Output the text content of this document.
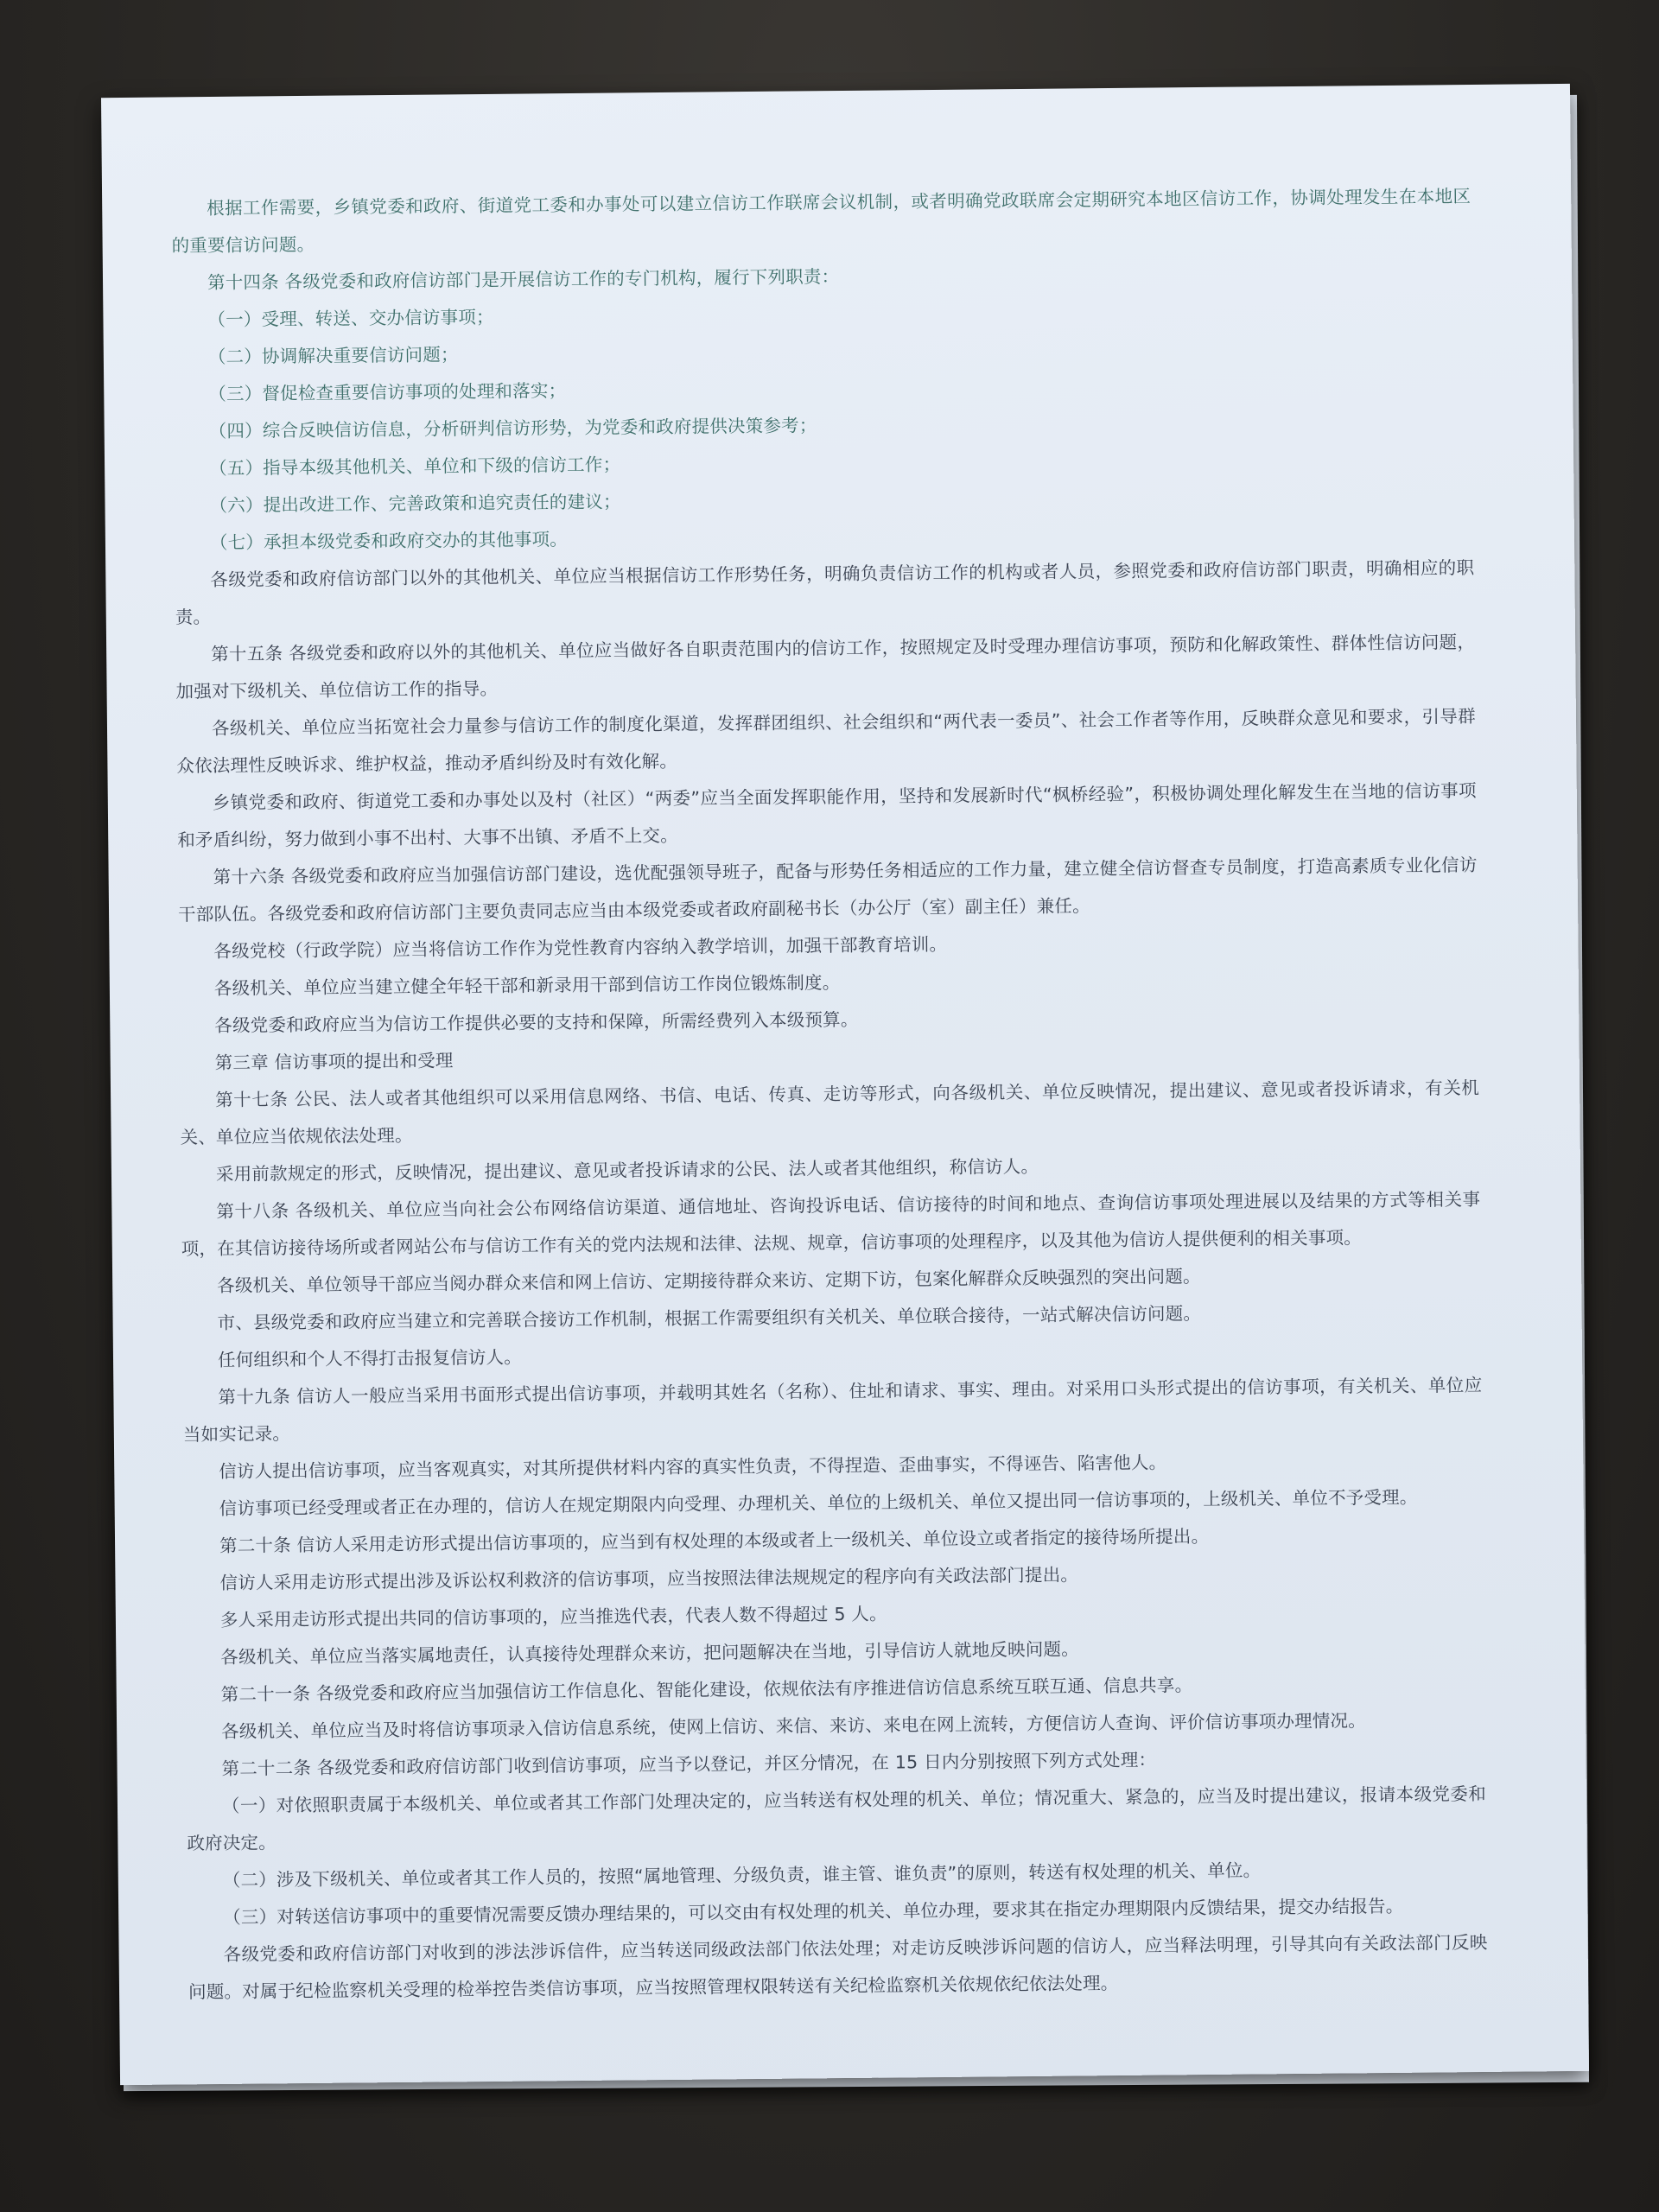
根据工作需要，乡镇党委和政府、街道党工委和办事处可以建立信访工作联席会议机制，或者明确党政联席会定期研究本地区信访工作，协调处理发生在本地区的重要信访问题。

第十四条 各级党委和政府信访部门是开展信访工作的专门机构，履行下列职责：

（一）受理、转送、交办信访事项；

（二）协调解决重要信访问题；

（三）督促检查重要信访事项的处理和落实；

（四）综合反映信访信息，分析研判信访形势，为党委和政府提供决策参考；

（五）指导本级其他机关、单位和下级的信访工作；

（六）提出改进工作、完善政策和追究责任的建议；

（七）承担本级党委和政府交办的其他事项。

各级党委和政府信访部门以外的其他机关、单位应当根据信访工作形势任务，明确负责信访工作的机构或者人员，参照党委和政府信访部门职责，明确相应的职责。

第十五条 各级党委和政府以外的其他机关、单位应当做好各自职责范围内的信访工作，按照规定及时受理办理信访事项，预防和化解政策性、群体性信访问题，加强对下级机关、单位信访工作的指导。

各级机关、单位应当拓宽社会力量参与信访工作的制度化渠道，发挥群团组织、社会组织和“两代表一委员”、社会工作者等作用，反映群众意见和要求，引导群众依法理性反映诉求、维护权益，推动矛盾纠纷及时有效化解。

乡镇党委和政府、街道党工委和办事处以及村（社区）“两委”应当全面发挥职能作用，坚持和发展新时代“枫桥经验”，积极协调处理化解发生在当地的信访事项和矛盾纠纷，努力做到小事不出村、大事不出镇、矛盾不上交。

第十六条 各级党委和政府应当加强信访部门建设，选优配强领导班子，配备与形势任务相适应的工作力量，建立健全信访督查专员制度，打造高素质专业化信访干部队伍。各级党委和政府信访部门主要负责同志应当由本级党委或者政府副秘书长（办公厅（室）副主任）兼任。

各级党校（行政学院）应当将信访工作作为党性教育内容纳入教学培训，加强干部教育培训。

各级机关、单位应当建立健全年轻干部和新录用干部到信访工作岗位锻炼制度。

各级党委和政府应当为信访工作提供必要的支持和保障，所需经费列入本级预算。

第三章 信访事项的提出和受理

第十七条 公民、法人或者其他组织可以采用信息网络、书信、电话、传真、走访等形式，向各级机关、单位反映情况，提出建议、意见或者投诉请求，有关机关、单位应当依规依法处理。

采用前款规定的形式，反映情况，提出建议、意见或者投诉请求的公民、法人或者其他组织，称信访人。

第十八条 各级机关、单位应当向社会公布网络信访渠道、通信地址、咨询投诉电话、信访接待的时间和地点、查询信访事项处理进展以及结果的方式等相关事项，在其信访接待场所或者网站公布与信访工作有关的党内法规和法律、法规、规章，信访事项的处理程序，以及其他为信访人提供便利的相关事项。

各级机关、单位领导干部应当阅办群众来信和网上信访、定期接待群众来访、定期下访，包案化解群众反映强烈的突出问题。

市、县级党委和政府应当建立和完善联合接访工作机制，根据工作需要组织有关机关、单位联合接待，一站式解决信访问题。

任何组织和个人不得打击报复信访人。

第十九条 信访人一般应当采用书面形式提出信访事项，并载明其姓名（名称）、住址和请求、事实、理由。对采用口头形式提出的信访事项，有关机关、单位应当如实记录。

信访人提出信访事项，应当客观真实，对其所提供材料内容的真实性负责，不得捏造、歪曲事实，不得诬告、陷害他人。

信访事项已经受理或者正在办理的，信访人在规定期限内向受理、办理机关、单位的上级机关、单位又提出同一信访事项的，上级机关、单位不予受理。

第二十条 信访人采用走访形式提出信访事项的，应当到有权处理的本级或者上一级机关、单位设立或者指定的接待场所提出。

信访人采用走访形式提出涉及诉讼权利救济的信访事项，应当按照法律法规规定的程序向有关政法部门提出。

多人采用走访形式提出共同的信访事项的，应当推选代表，代表人数不得超过 5 人。

各级机关、单位应当落实属地责任，认真接待处理群众来访，把问题解决在当地，引导信访人就地反映问题。

第二十一条 各级党委和政府应当加强信访工作信息化、智能化建设，依规依法有序推进信访信息系统互联互通、信息共享。

各级机关、单位应当及时将信访事项录入信访信息系统，使网上信访、来信、来访、来电在网上流转，方便信访人查询、评价信访事项办理情况。

第二十二条 各级党委和政府信访部门收到信访事项，应当予以登记，并区分情况，在 15 日内分别按照下列方式处理：

（一）对依照职责属于本级机关、单位或者其工作部门处理决定的，应当转送有权处理的机关、单位；情况重大、紧急的，应当及时提出建议，报请本级党委和政府决定。

（二）涉及下级机关、单位或者其工作人员的，按照“属地管理、分级负责，谁主管、谁负责”的原则，转送有权处理的机关、单位。

（三）对转送信访事项中的重要情况需要反馈办理结果的，可以交由有权处理的机关、单位办理，要求其在指定办理期限内反馈结果，提交办结报告。

各级党委和政府信访部门对收到的涉法涉诉信件，应当转送同级政法部门依法处理；对走访反映涉诉问题的信访人，应当释法明理，引导其向有关政法部门反映问题。对属于纪检监察机关受理的检举控告类信访事项，应当按照管理权限转送有关纪检监察机关依规依纪依法处理。
